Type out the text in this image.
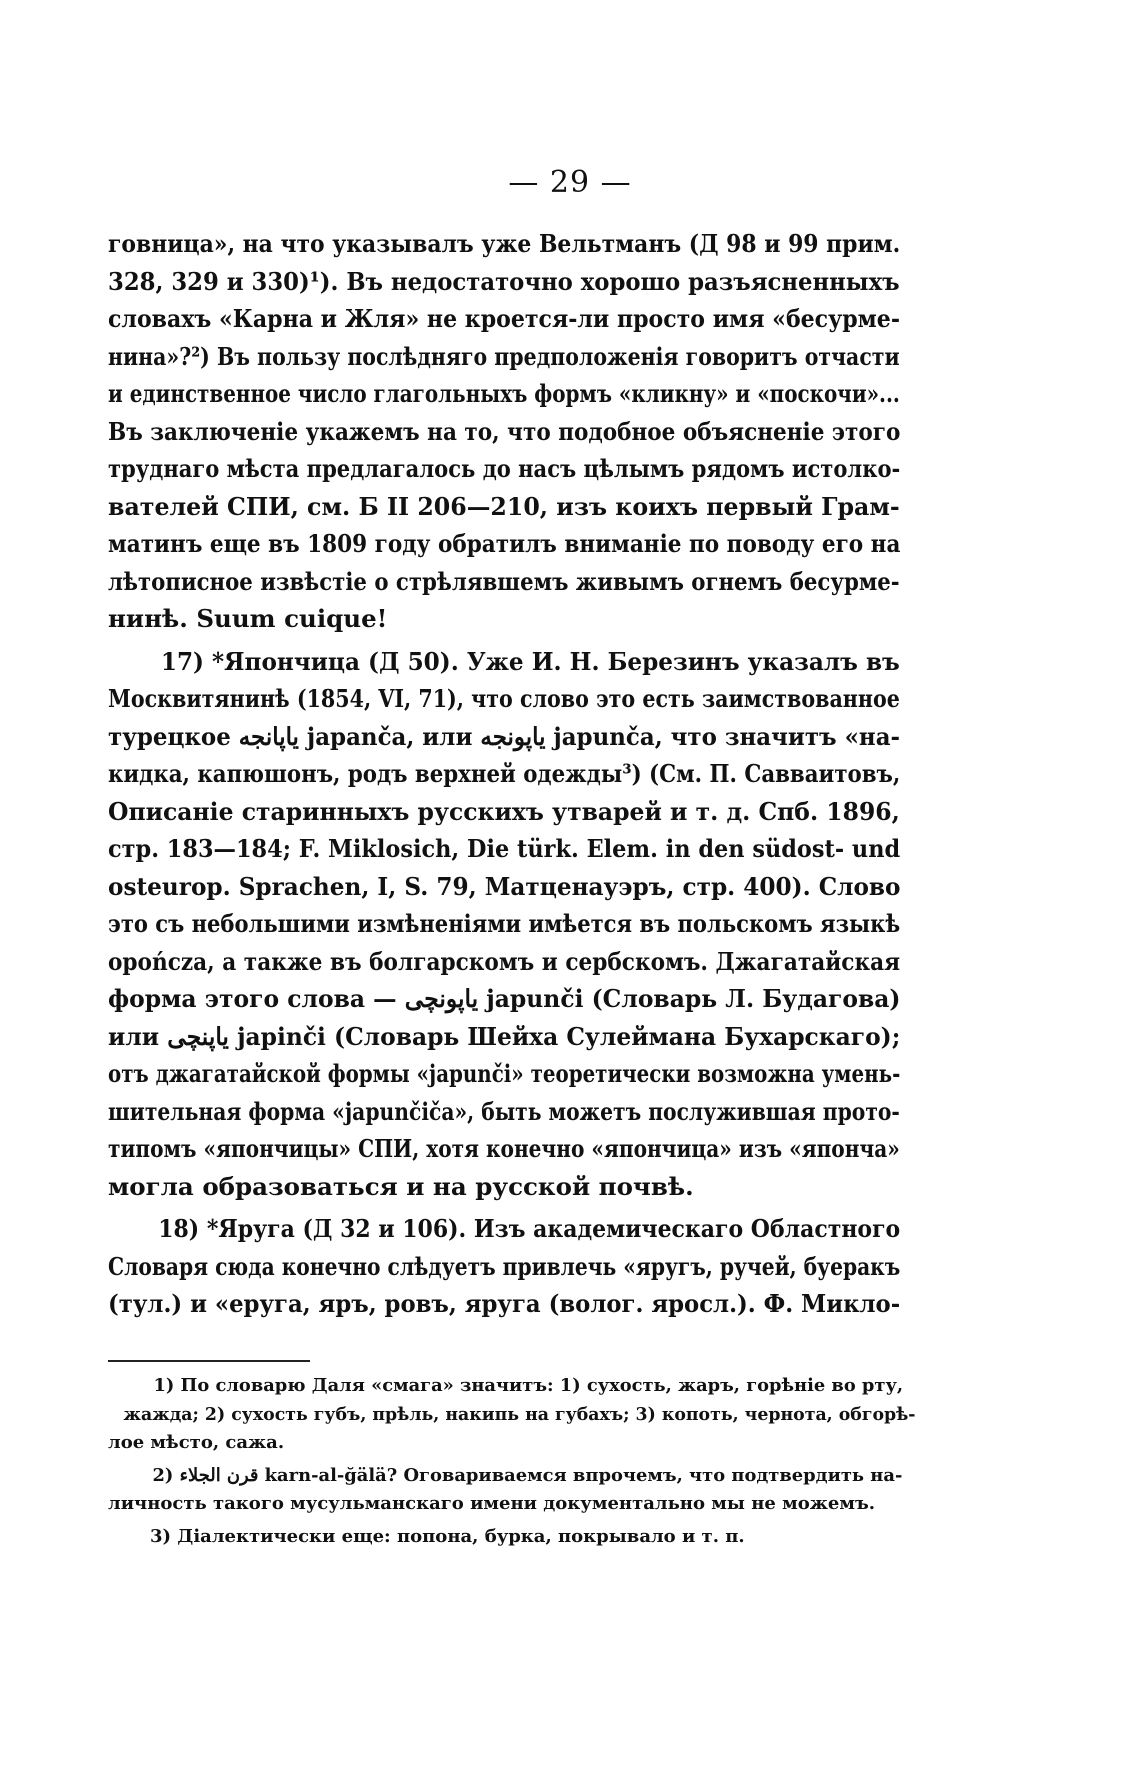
— 29 —
говница», на что указывалъ уже Вельтманъ (Д 98 и 99 прим.
328, 329 и 330)¹). Въ недостаточно хорошо разъясненныхъ
словахъ «Карна и Жля» не кроется-ли просто имя «бесурме-
нина»?²) Въ пользу послѣдняго предположенія говоритъ отчасти
и единственное число глагольныхъ формъ «кликну» и «поскочи»...
Въ заключеніе укажемъ на то, что подобное объясненіе этого
труднаго мѣста предлагалось до насъ цѣлымъ рядомъ истолко-
вателей СПИ, см. Б II 206—210, изъ коихъ первый Грам-
матинъ еще въ 1809 году обратилъ вниманіе по поводу его на
лѣтописное извѣстіе о стрѣлявшемъ живымъ огнемъ бесурме-
нинѣ. Suum cuique!
17) *Япончица (Д 50). Уже И. Н. Березинъ указалъ въ
Москвитянинѣ (1854, VI, 71), что слово это есть заимствованное
турецкое یاپانجه japanča, или یاپونجه japunča, что значитъ «на-
кидка, капюшонъ, родъ верхней одежды³) (См. П. Савваитовъ,
Описаніе старинныхъ русскихъ утварей и т. д. Спб. 1896,
стр. 183—184; F. Miklosich, Die türk. Elem. in den südost- und
osteurop. Sprachen, I, S. 79, Матценауэръ, стр. 400). Слово
это съ небольшими измѣненіями имѣется въ польскомъ языкѣ
opończa, а также въ болгарскомъ и сербскомъ. Джагатайская
форма этого слова — یاپونچی japunči (Словарь Л. Будагова)
или یاپنچی japinči (Словарь Шейха Сулеймана Бухарскаго);
отъ джагатайской формы «japunči» теоретически возможна умень-
шительная форма «japunčiča», быть можетъ послужившая прото-
типомъ «япончицы» СПИ, хотя конечно «япончица» изъ «японча»
могла образоваться и на русской почвѣ.
18) *Яруга (Д 32 и 106). Изъ академическаго Областного
Словаря сюда конечно слѣдуетъ привлечь «яругъ, ручей, буеракъ
(тул.) и «еруга, яръ, ровъ, яруга (волог. яросл.). Ф. Микло-
1) По словарю Даля «смага» значитъ: 1) сухость, жаръ, горѣніе во рту,
жажда; 2) сухость губъ, прѣль, накипь на губахъ; 3) копоть, чернота, обгорѣ-
лое мѣсто, сажа.
2) قرن الجلاء karn-al-ğälä? Оговариваемся впрочемъ, что подтвердить на-
личность такого мусульманскаго имени документально мы не можемъ.
3) Діалектически еще: попона, бурка, покрывало и т. п.
